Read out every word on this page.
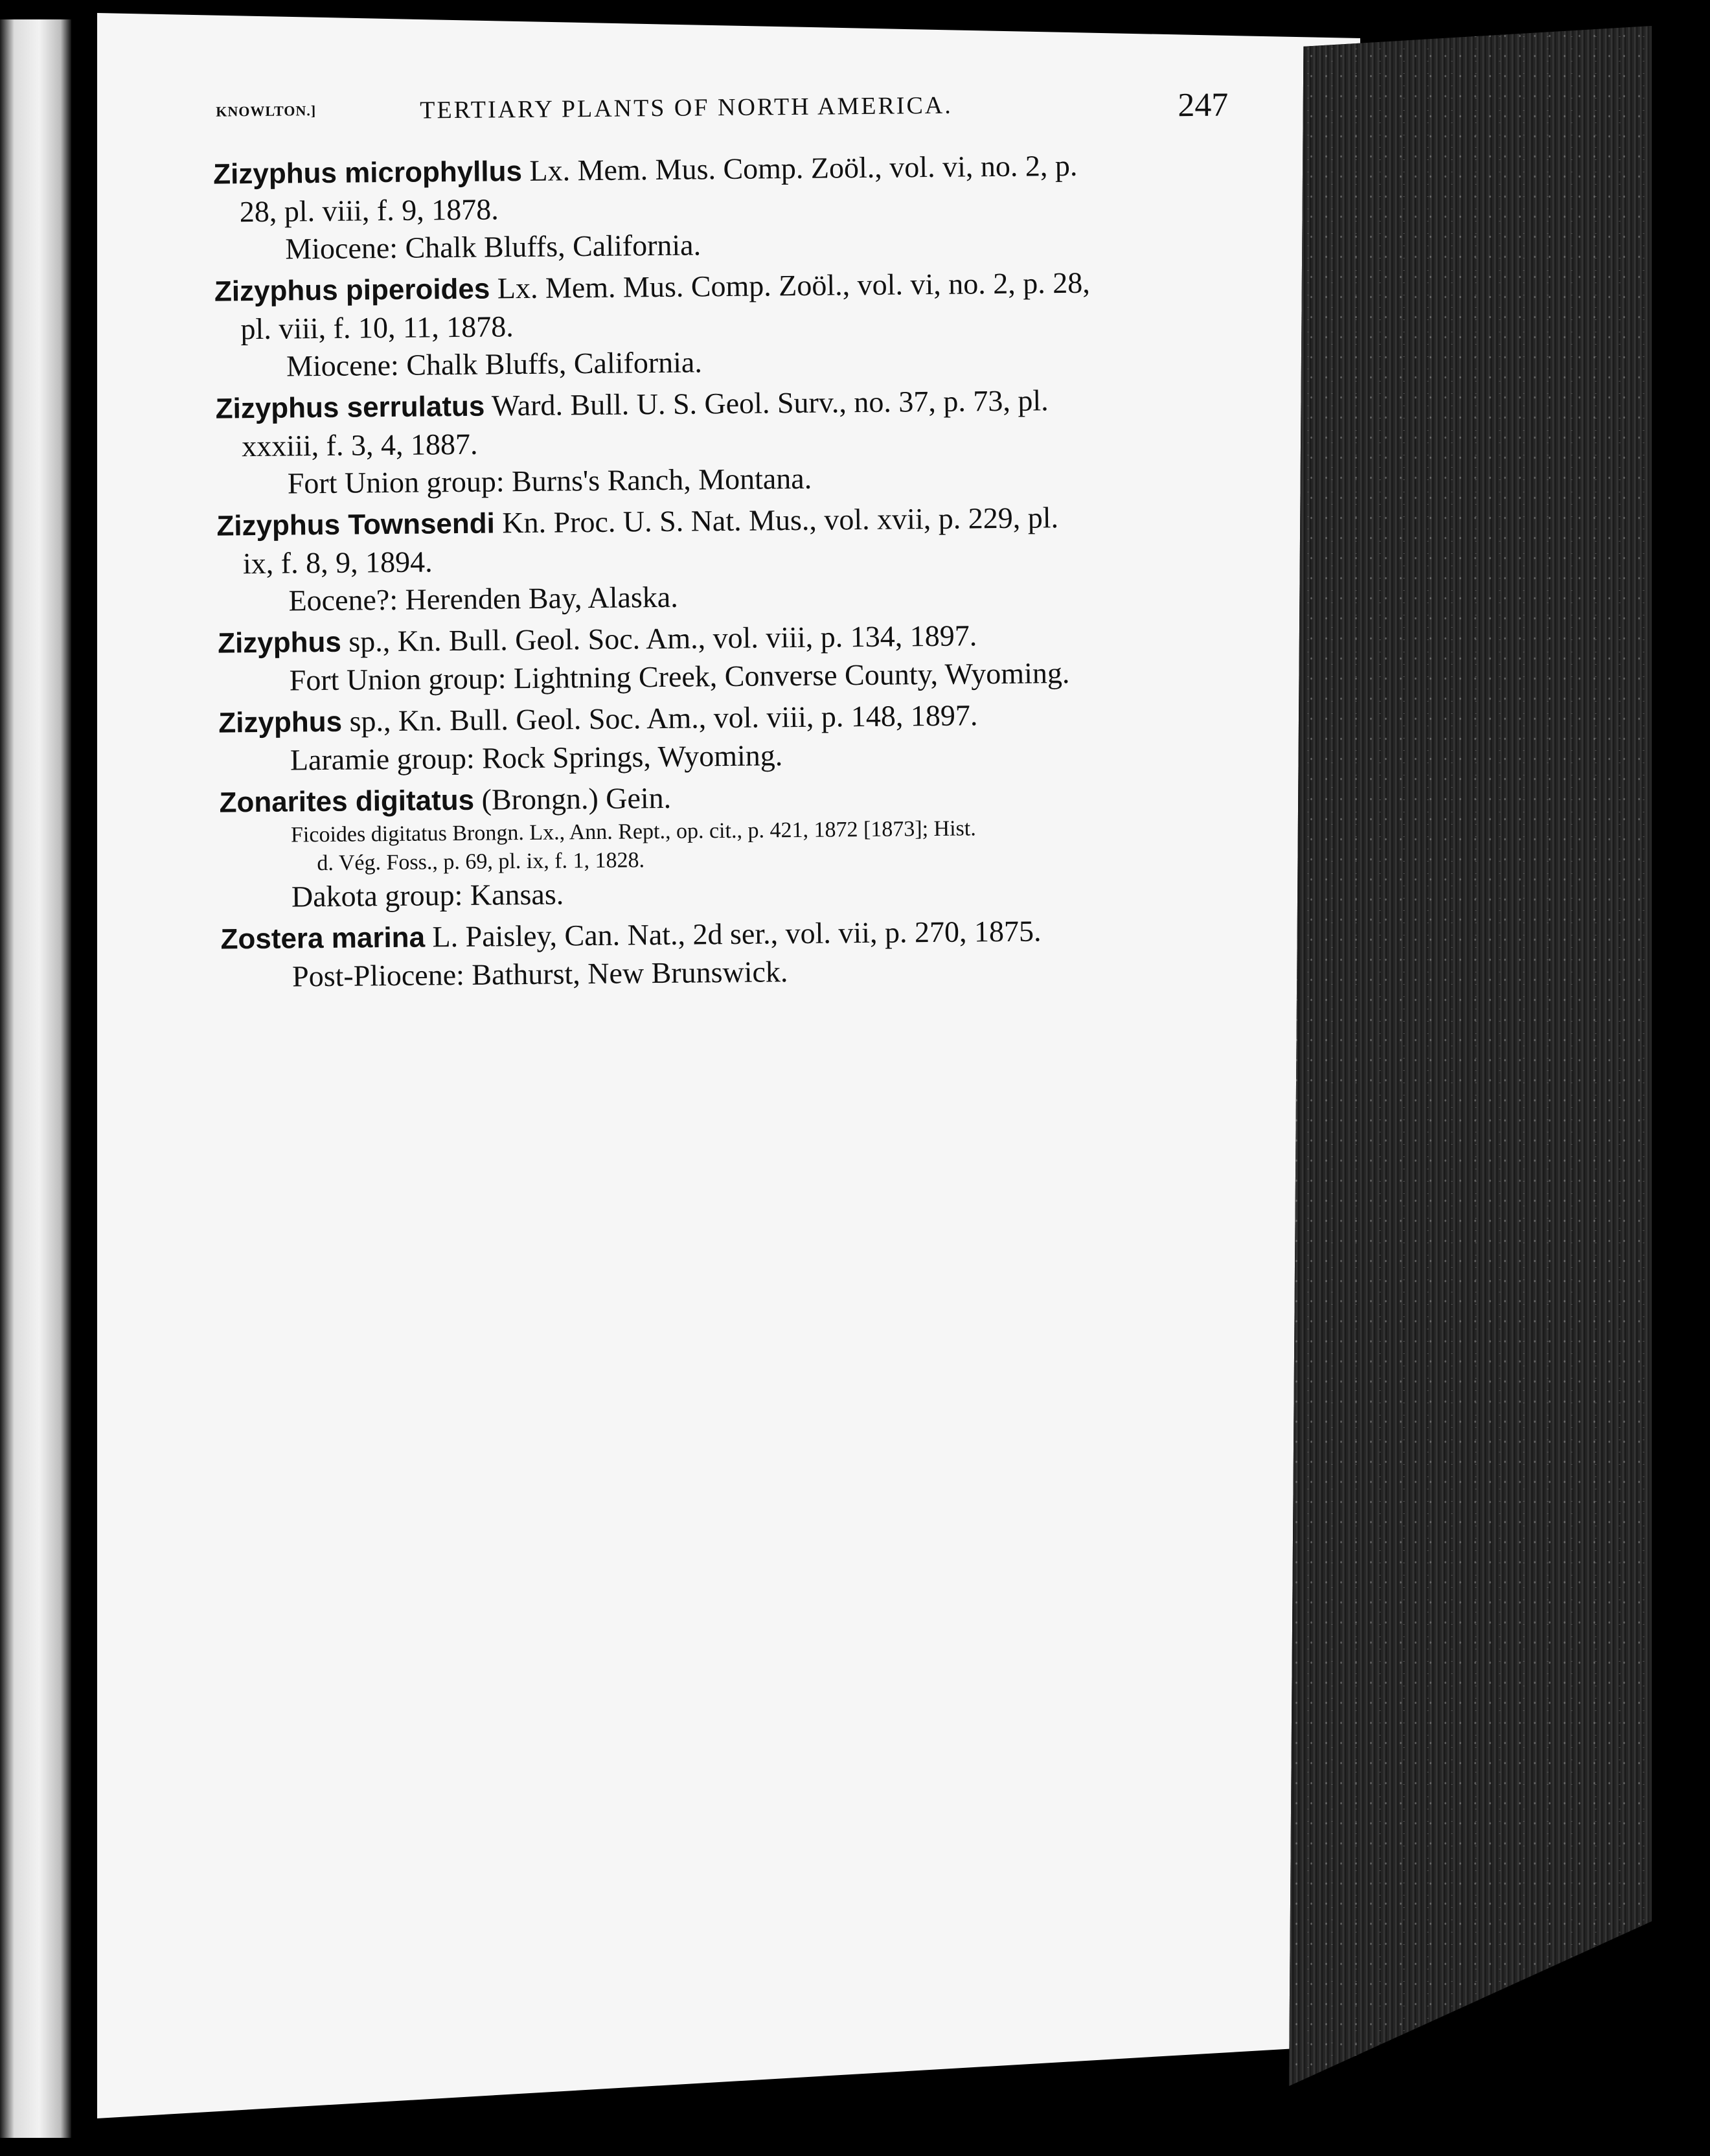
KNOWLTON.]	TERTIARY PLANTS OF NORTH AMERICA.	247

Zizyphus microphyllus Lx. Mem. Mus. Comp. Zoöl., vol. vi, no. 2, p.

28, pl. viii, f. 9, 1878.

Miocene: Chalk Bluffs, California.

Zizyphus piperoides Lx. Mem. Mus. Comp. Zoöl., vol. vi, no. 2, p. 28,

pl. viii, f. 10, 11, 1878.

Miocene: Chalk Bluffs, California.

Zizyphus serrulatus Ward. Bull. U. S. Geol. Surv., no. 37, p. 73, pl.

xxxiii, f. 3, 4, 1887.

Fort Union group: Burns's Ranch, Montana.

Zizyphus Townsendi Kn. Proc. U. S. Nat. Mus., vol. xvii, p. 229, pl.

ix, f. 8, 9, 1894.

Eocene?: Herenden Bay, Alaska.

Zizyphus sp., Kn. Bull. Geol. Soc. Am., vol. viii, p. 134, 1897.

Fort Union group: Lightning Creek, Converse County, Wyoming.

Zizyphus sp., Kn. Bull. Geol. Soc. Am., vol. viii, p. 148, 1897.

Laramie group: Rock Springs, Wyoming.

Zonarites digitatus (Brongn.) Gein.

Ficoides digitatus Brongn. Lx., Ann. Rept., op. cit., p. 421, 1872 [1873]; Hist.

d. Vég. Foss., p. 69, pl. ix, f. 1, 1828.

Dakota group: Kansas.

Zostera marina L. Paisley, Can. Nat., 2d ser., vol. vii, p. 270, 1875.

Post-Pliocene: Bathurst, New Brunswick.
